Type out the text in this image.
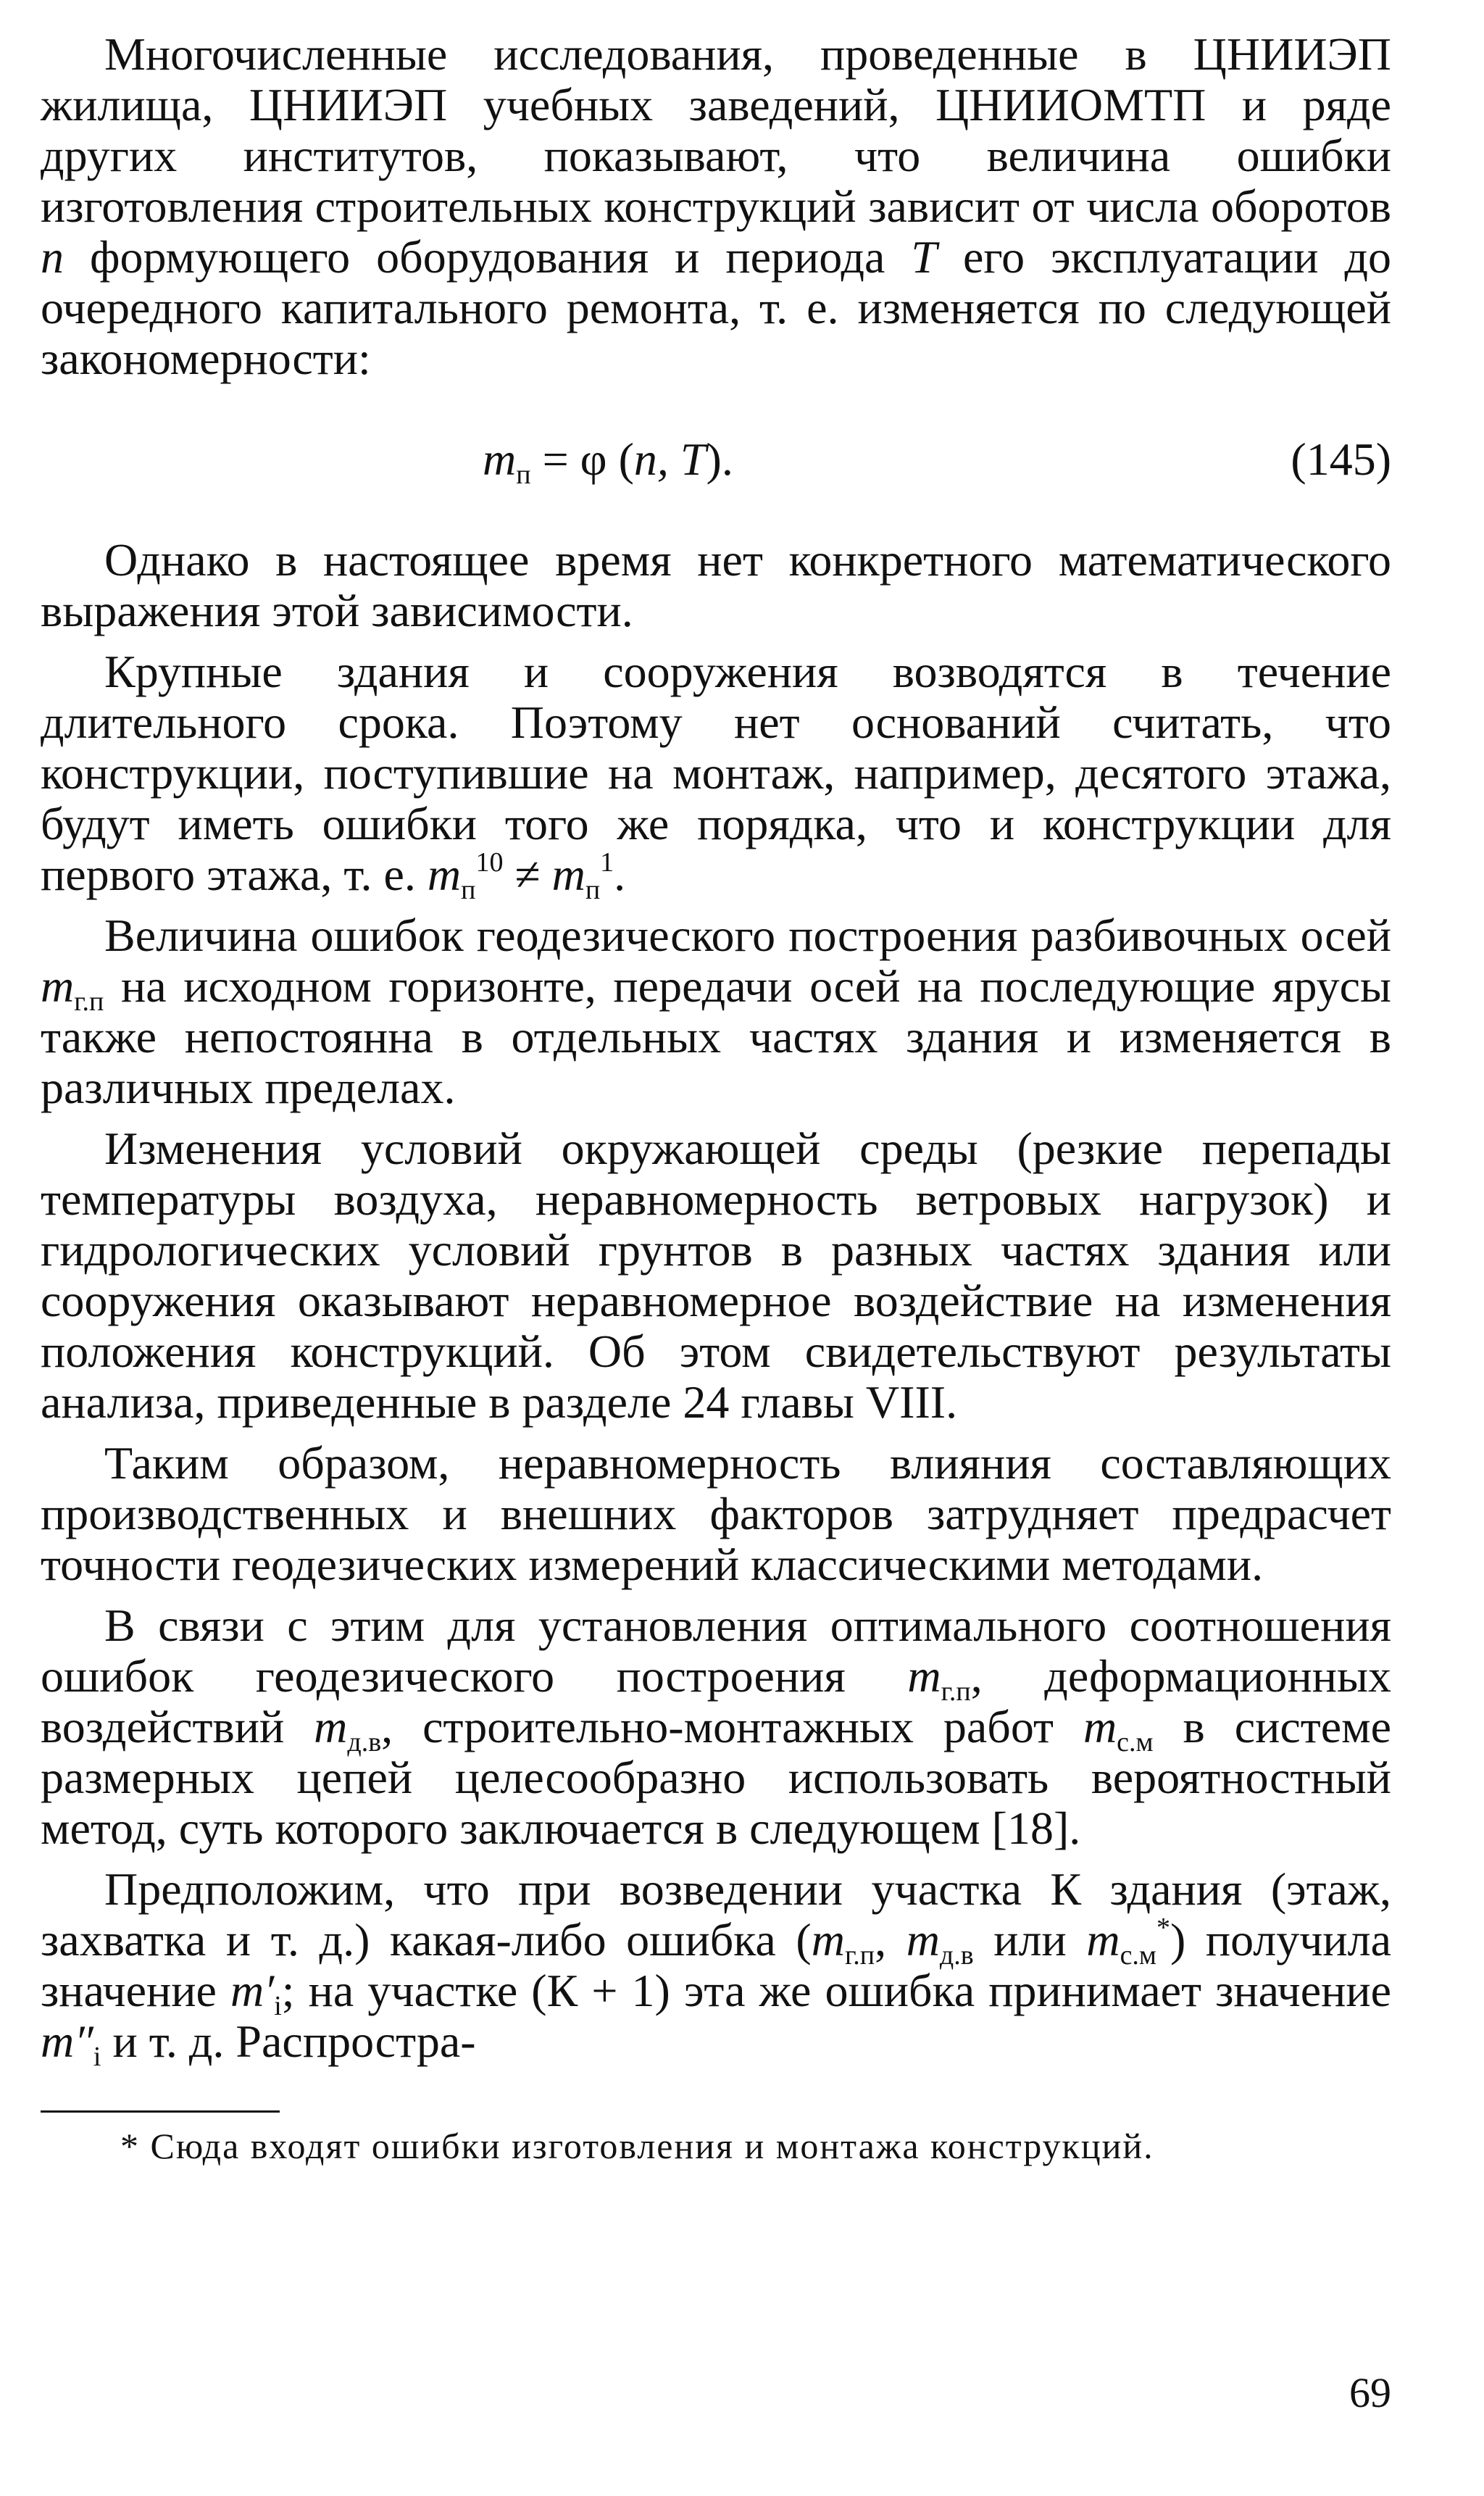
Многочисленные исследования, проведенные в ЦНИИЭП жилища, ЦНИИЭП учебных заведений, ЦНИИОМТП и ряде других институтов, показывают, что величина ошибки изготовления строительных конструкций зависит от числа оборотов n формующего оборудования и периода T его эксплуатации до очередного капитального ремонта, т. е. изменяется по следующей закономерности:

$m_п = \varphi$ (n, T).	(145)

Однако в настоящее время нет конкретного математического выражения этой зависимости.

Крупные здания и сооружения возводятся в течение длительного срока. Поэтому нет оснований считать, что конструкции, поступившие на монтаж, например, десятого этажа, будут иметь ошибки того же порядка, что и конструкции для первого этажа, т. е. $m_п^{10} \ne m_п^1$.

Величина ошибок геодезического построения разбивочных осей $m_{г.п}$ на исходном горизонте, передачи осей на последующие ярусы также непостоянна в отдельных частях здания и изменяется в различных пределах.

Изменения условий окружающей среды (резкие перепады температуры воздуха, неравномерность ветровых нагрузок) и гидрологических условий грунтов в разных частях здания или сооружения оказывают неравномерное воздействие на изменения положения конструкций. Об этом свидетельствуют результаты анализа, приведенные в разделе 24 главы VIII.

Таким образом, неравномерность влияния составляющих производственных и внешних факторов затрудняет предрасчет точности геодезических измерений классическими методами.

В связи с этим для установления оптимального соотношения ошибок геодезического построения $m_{г.п}$, деформационных воздействий $m_{д.в}$, строительно-монтажных работ $m_{с.м}$ в системе размерных цепей целесообразно использовать вероятностный метод, суть которого заключается в следующем [18].

Предположим, что при возведении участка К здания (этаж, захватка и т. д.) какая-либо ошибка ($m_{г.п}$, $m_{д.в}$ или $m_{с.м}^*$) получила значение $m'_i$; на участке (К + 1) эта же ошибка принимает значение $m''_i$ и т. д. Распростра-

* Сюда входят ошибки изготовления и монтажа конструкций.

69
